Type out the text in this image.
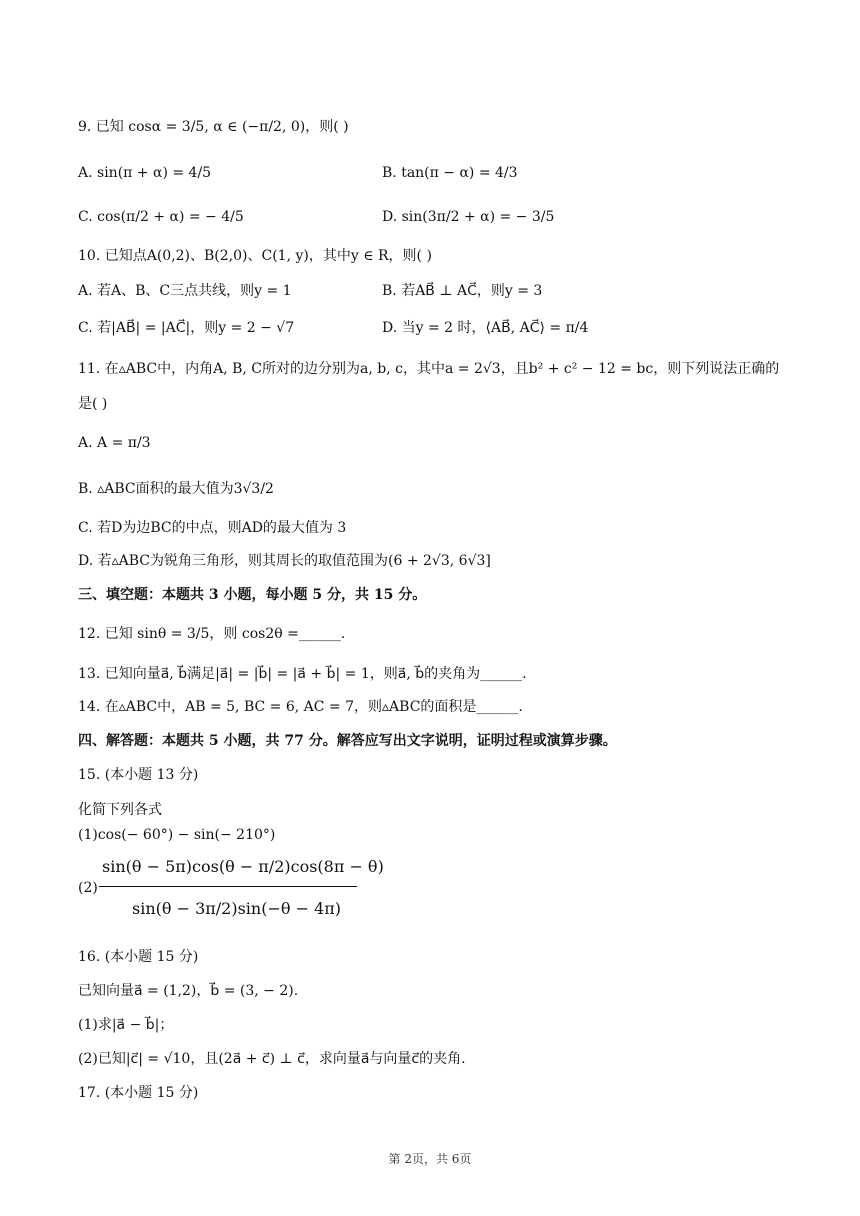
9. 已知 cosα = 3/5, α ∈ (−π/2, 0)，则( )
A. sin(π + α) = 4/5	B. tan(π − α) = 4/3
C. cos(π/2 + α) = − 4/5	D. sin(3π/2 + α) = − 3/5
10. 已知点A(0,2)、B(2,0)、C(1, y)，其中y ∈ R，则( )
A. 若A、B、C三点共线，则y = 1	B. 若AB⃗ ⊥ AC⃗，则y = 3
C. 若|AB⃗| = |AC⃗|，则y = 2 − √7	D. 当y = 2 时，⟨AB⃗, AC⃗⟩ = π/4
11. 在▵ABC中，内角A, B, C所对的边分别为a, b, c，其中a = 2√3，且b² + c² − 12 = bc，则下列说法正确的
是( )
A. A = π/3
B. ▵ABC面积的最大值为3√3/2
C. 若D为边BC的中点，则AD的最大值为 3
D. 若▵ABC为锐角三角形，则其周长的取值范围为(6 + 2√3, 6√3]
三、填空题：本题共 3 小题，每小题 5 分，共 15 分。
12. 已知 sinθ = 3/5，则 cos2θ =______.
13. 已知向量a⃗, b⃗满足|a⃗| = |b⃗| = |a⃗ + b⃗| = 1，则a⃗, b⃗的夹角为______.
14. 在▵ABC中，AB = 5, BC = 6, AC = 7，则▵ABC的面积是______.
四、解答题：本题共 5 小题，共 77 分。解答应写出文字说明，证明过程或演算步骤。
15. (本小题 13 分)
化简下列各式
(1)cos(− 60°) − sin(− 210°)
(2)
sin(θ − 5π)cos(θ − π/2)cos(8π − θ)
sin(θ − 3π/2)sin(−θ − 4π)
16. (本小题 15 分)
已知向量a⃗ = (1,2)，b⃗ = (3, − 2).
(1)求|a⃗ − b⃗|；
(2)已知|c⃗| = √10，且(2a⃗ + c⃗) ⊥ c⃗，求向量a⃗与向量c⃗的夹角.
17. (本小题 15 分)
第 2页，共 6页
